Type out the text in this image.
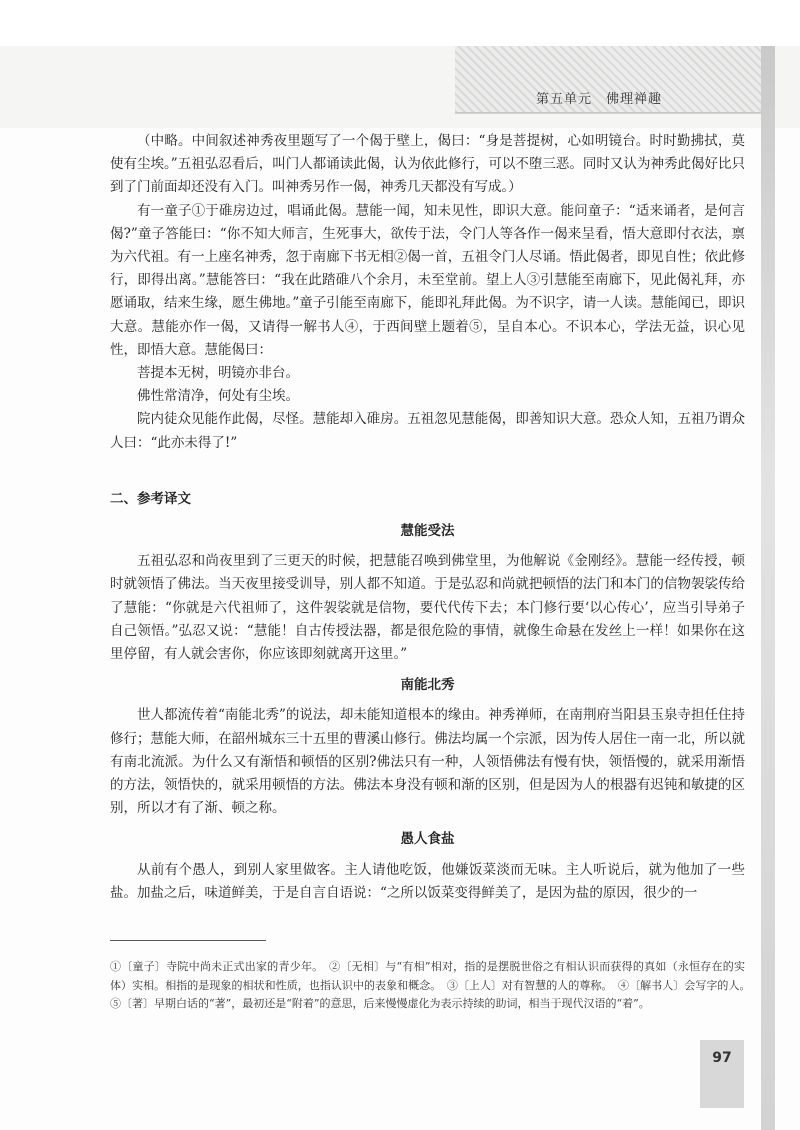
第五单元　佛理禅趣

（中略。中间叙述神秀夜里题写了一个偈于壁上，偈曰：“身是菩提树，心如明镜台。时时勤拂拭，莫使有尘埃。”五祖弘忍看后，叫门人都诵读此偈，认为依此修行，可以不堕三恶。同时又认为神秀此偈好比只到了门前面却还没有入门。叫神秀另作一偈，神秀几天都没有写成。）

有一童子①于碓房边过，唱诵此偈。慧能一闻，知未见性，即识大意。能问童子：“适来诵者，是何言偈?”童子答能曰：“你不知大师言，生死事大，欲传于法，令门人等各作一偈来呈看，悟大意即付衣法，禀为六代祖。有一上座名神秀，忽于南廊下书无相②偈一首，五祖令门人尽诵。悟此偈者，即见自性；依此修行，即得出离。”慧能答曰：“我在此踏碓八个余月，未至堂前。望上人③引慧能至南廊下，见此偈礼拜，亦愿诵取，结来生缘，愿生佛地。”童子引能至南廊下，能即礼拜此偈。为不识字，请一人读。慧能闻已，即识大意。慧能亦作一偈，又请得一解书人④，于西间壁上题着⑤，呈自本心。不识本心，学法无益，识心见性，即悟大意。慧能偈曰：

菩提本无树，明镜亦非台。

佛性常清净，何处有尘埃。

院内徒众见能作此偈，尽怪。慧能却入碓房。五祖忽见慧能偈，即善知识大意。恐众人知，五祖乃谓众人曰：“此亦未得了!”

二、参考译文
慧能受法

五祖弘忍和尚夜里到了三更天的时候，把慧能召唤到佛堂里，为他解说《金刚经》。慧能一经传授，顿时就领悟了佛法。当天夜里接受训导，别人都不知道。于是弘忍和尚就把顿悟的法门和本门的信物袈裟传给了慧能：“你就是六代祖师了，这件袈裟就是信物，要代代传下去；本门修行要‘以心传心’，应当引导弟子自己领悟。”弘忍又说：“慧能！自古传授法器，都是很危险的事情，就像生命悬在发丝上一样！如果你在这里停留，有人就会害你，你应该即刻就离开这里。”

南能北秀

世人都流传着“南能北秀”的说法，却未能知道根本的缘由。神秀禅师，在南荆府当阳县玉泉寺担任住持修行；慧能大师，在韶州城东三十五里的曹溪山修行。佛法均属一个宗派，因为传人居住一南一北，所以就有南北流派。为什么又有渐悟和顿悟的区别?佛法只有一种，人领悟佛法有慢有快，领悟慢的，就采用渐悟的方法，领悟快的，就采用顿悟的方法。佛法本身没有顿和渐的区别，但是因为人的根器有迟钝和敏捷的区别，所以才有了渐、顿之称。

愚人食盐

从前有个愚人，到别人家里做客。主人请他吃饭，他嫌饭菜淡而无味。主人听说后，就为他加了一些盐。加盐之后，味道鲜美，于是自言自语说：“之所以饭菜变得鲜美了，是因为盐的原因，很少的一

①〔童子〕寺院中尚未正式出家的青少年。　②〔无相〕与“有相”相对，指的是摆脱世俗之有相认识而获得的真如（永恒存在的实体）实相。相指的是现象的相状和性质，也指认识中的表象和概念。　③〔上人〕对有智慧的人的尊称。　④〔解书人〕会写字的人。　⑤〔著〕早期白话的“著”，最初还是“附着”的意思，后来慢慢虚化为表示持续的助词，相当于现代汉语的“着”。

97
